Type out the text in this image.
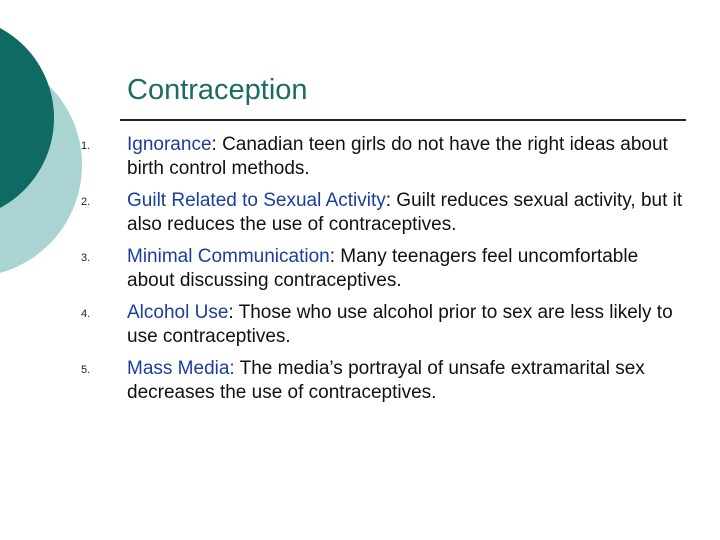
Contraception
1.	Ignorance: Canadian teen girls do not have the right ideas about birth control methods.
2.	Guilt Related to Sexual Activity: Guilt reduces sexual activity, but it also reduces the use of contraceptives.
3.	Minimal Communication: Many teenagers feel uncomfortable about discussing contraceptives.
4.	Alcohol Use: Those who use alcohol prior to sex are less likely to use contraceptives.
5.	Mass Media: The media’s portrayal of unsafe extramarital sex decreases the use of contraceptives.
